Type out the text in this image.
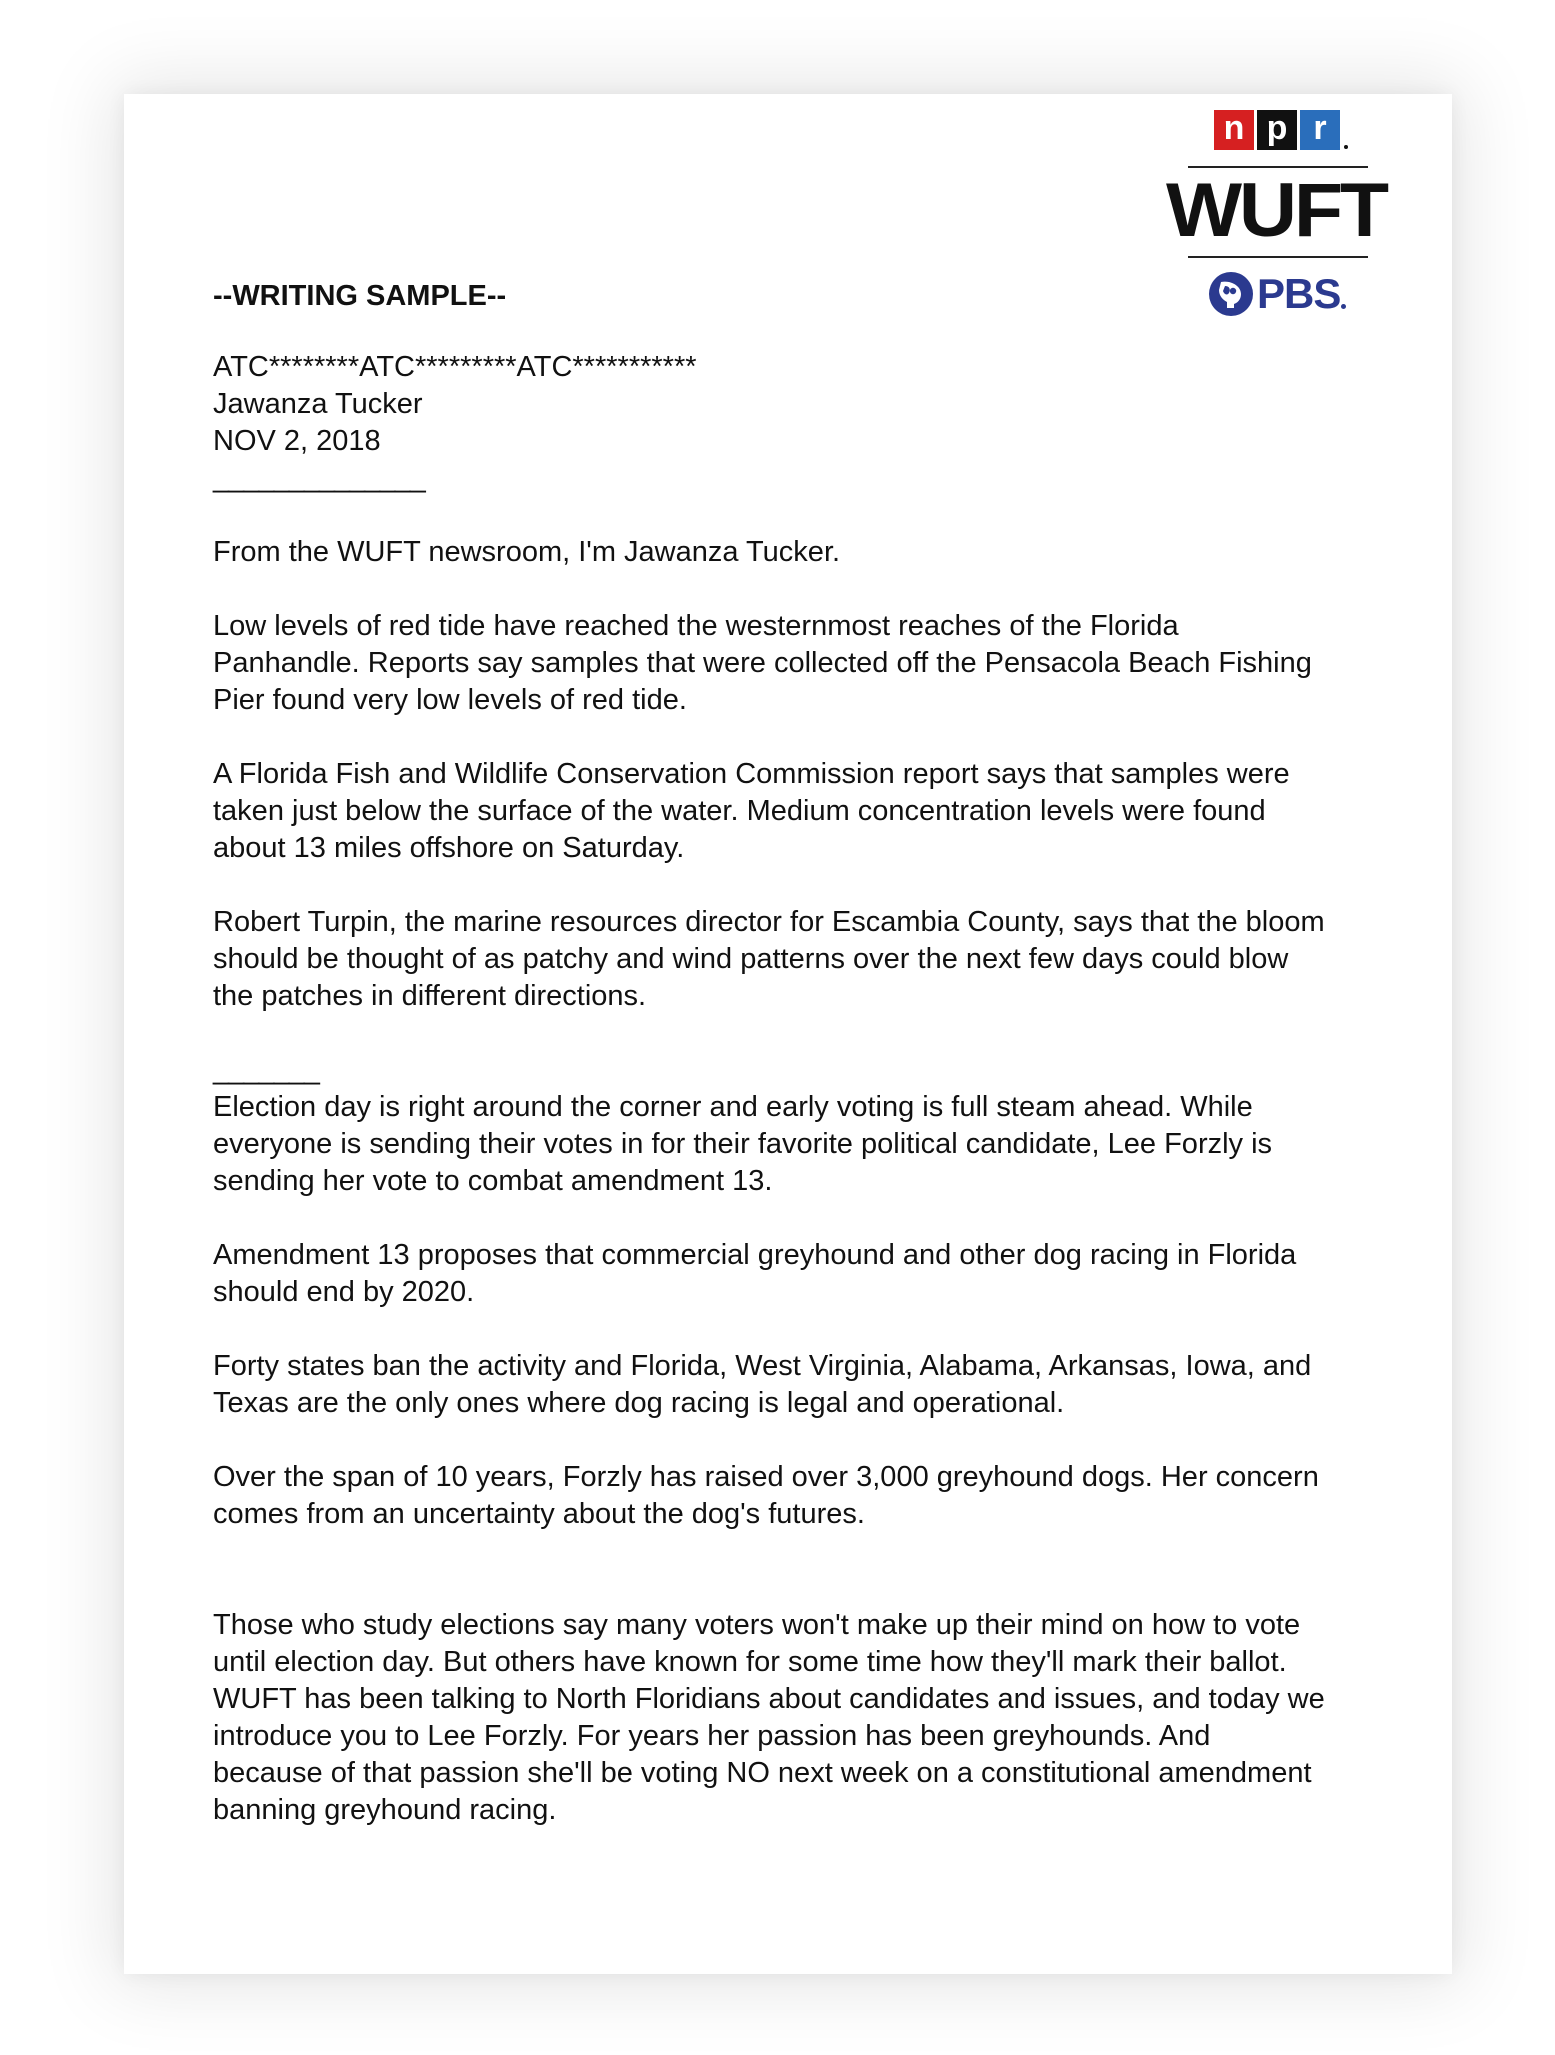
n p r
WUFT
PBS

--WRITING SAMPLE--

ATC********ATC*********ATC***********

Jawanza Tucker

NOV 2, 2018

______________

From the WUFT newsroom, I'm Jawanza Tucker.

Low levels of red tide have reached the westernmost reaches of the Florida
Panhandle. Reports say samples that were collected off the Pensacola Beach Fishing
Pier found very low levels of red tide.

A Florida Fish and Wildlife Conservation Commission report says that samples were
taken just below the surface of the water. Medium concentration levels were found
about 13 miles offshore on Saturday.

Robert Turpin, the marine resources director for Escambia County, says that the bloom
should be thought of as patchy and wind patterns over the next few days could blow
the patches in different directions.

_______

Election day is right around the corner and early voting is full steam ahead. While
everyone is sending their votes in for their favorite political candidate, Lee Forzly is
sending her vote to combat amendment 13.

Amendment 13 proposes that commercial greyhound and other dog racing in Florida
should end by 2020.

Forty states ban the activity and Florida, West Virginia, Alabama, Arkansas, Iowa, and
Texas are the only ones where dog racing is legal and operational.

Over the span of 10 years, Forzly has raised over 3,000 greyhound dogs. Her concern
comes from an uncertainty about the dog's futures.

Those who study elections say many voters won't make up their mind on how to vote
until election day. But others have known for some time how they'll mark their ballot.
WUFT has been talking to North Floridians about candidates and issues, and today we
introduce you to Lee Forzly. For years her passion has been greyhounds. And
because of that passion she'll be voting NO next week on a constitutional amendment
banning greyhound racing.
